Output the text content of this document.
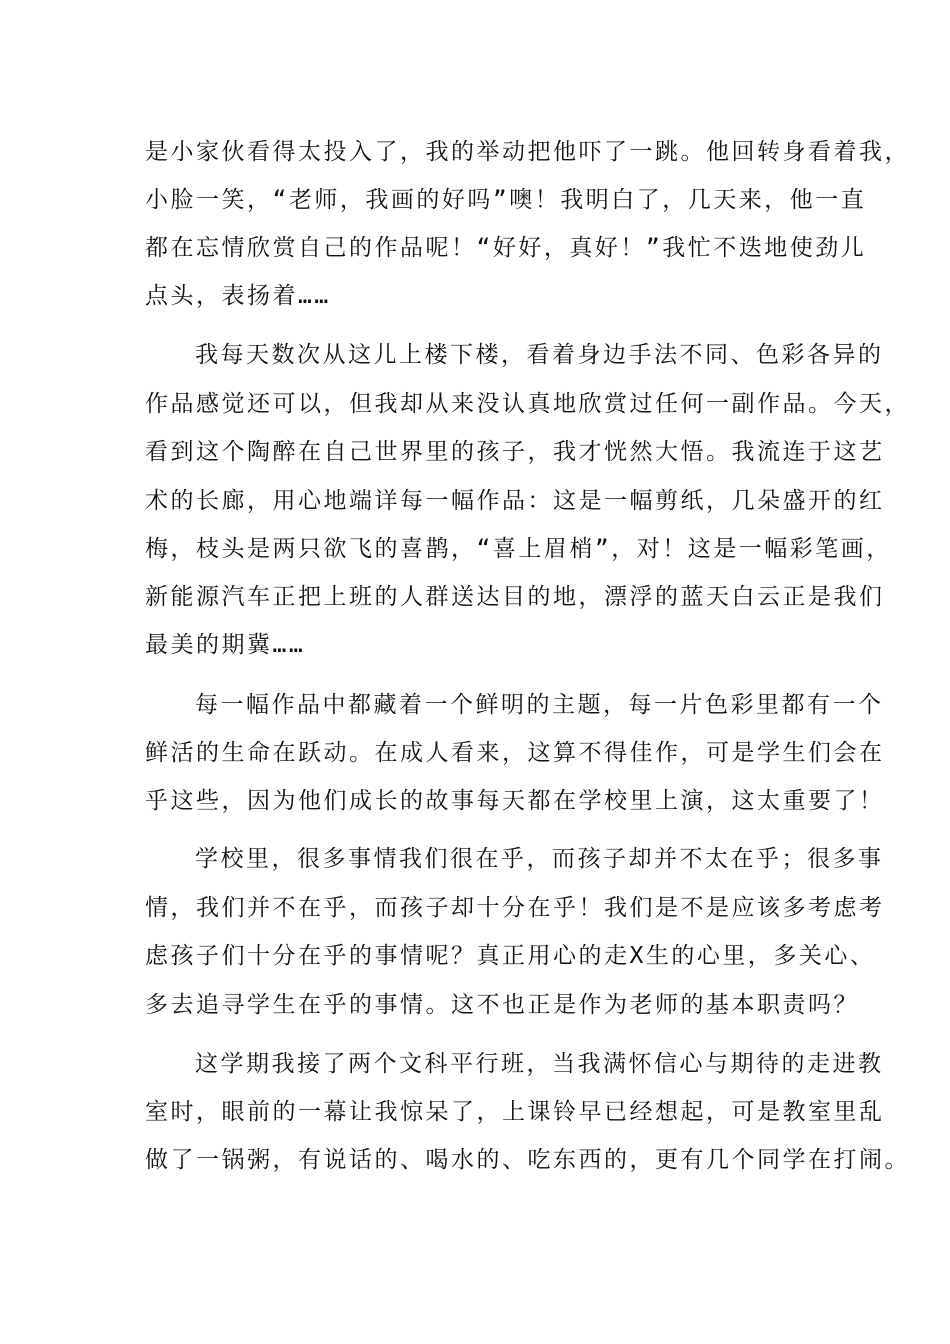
是小家伙看得太投入了，我的举动把他吓了一跳。他回转身看着我，
小脸一笑，“老师，我画的好吗”噢！我明白了，几天来，他一直
都在忘情欣赏自己的作品呢！“好好，真好！”我忙不迭地使劲儿
点头，表扬着……
我每天数次从这儿上楼下楼，看着身边手法不同、色彩各异的
作品感觉还可以，但我却从来没认真地欣赏过任何一副作品。今天，
看到这个陶醉在自己世界里的孩子，我才恍然大悟。我流连于这艺
术的长廊，用心地端详每一幅作品：这是一幅剪纸，几朵盛开的红
梅，枝头是两只欲飞的喜鹊，“喜上眉梢”，对！这是一幅彩笔画，
新能源汽车正把上班的人群送达目的地，漂浮的蓝天白云正是我们
最美的期冀……
每一幅作品中都藏着一个鲜明的主题，每一片色彩里都有一个
鲜活的生命在跃动。在成人看来，这算不得佳作，可是学生们会在
乎这些，因为他们成长的故事每天都在学校里上演，这太重要了！
学校里，很多事情我们很在乎，而孩子却并不太在乎；很多事
情，我们并不在乎，而孩子却十分在乎！我们是不是应该多考虑考
虑孩子们十分在乎的事情呢？真正用心的走X生的心里，多关心、
多去追寻学生在乎的事情。这不也正是作为老师的基本职责吗？
这学期我接了两个文科平行班，当我满怀信心与期待的走进教
室时，眼前的一幕让我惊呆了，上课铃早已经想起，可是教室里乱
做了一锅粥，有说话的、喝水的、吃东西的，更有几个同学在打闹。
